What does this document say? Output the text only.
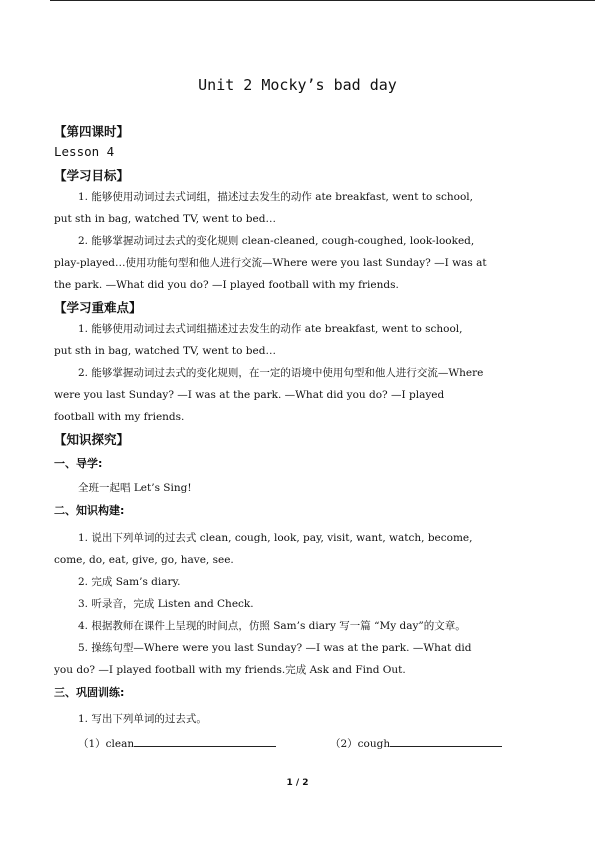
Unit 2 Mocky’s bad day
【第四课时】
Lesson 4
【学习目标】
1. 能够使用动词过去式词组，描述过去发生的动作 ate breakfast, went to school,
put sth in bag, watched TV, went to bed…
2. 能够掌握动词过去式的变化规则 clean-cleaned, cough-coughed, look-looked,
play-played…使用功能句型和他人进行交流—Where were you last Sunday? —I was at
the park. —What did you do? —I played football with my friends.
【学习重难点】
1. 能够使用动词过去式词组描述过去发生的动作 ate breakfast, went to school,
put sth in bag, watched TV, went to bed…
2. 能够掌握动词过去式的变化规则，在一定的语境中使用句型和他人进行交流—Where
were you last Sunday? —I was at the park. —What did you do? —I played
football with my friends.
【知识探究】
一、导学:
全班一起唱 Let’s Sing!
二、知识构建:
1. 说出下列单词的过去式 clean, cough, look, pay, visit, want, watch, become,
come, do, eat, give, go, have, see.
2. 完成 Sam’s diary.
3. 听录音，完成 Listen and Check.
4. 根据教师在课件上呈现的时间点，仿照 Sam’s diary 写一篇 “My day”的文章。
5. 操练句型—Where were you last Sunday? —I was at the park. —What did
you do? —I played football with my friends.完成 Ask and Find Out.
三、巩固训练:
1. 写出下列单词的过去式。
（1）clean	（2）cough
1 / 2
